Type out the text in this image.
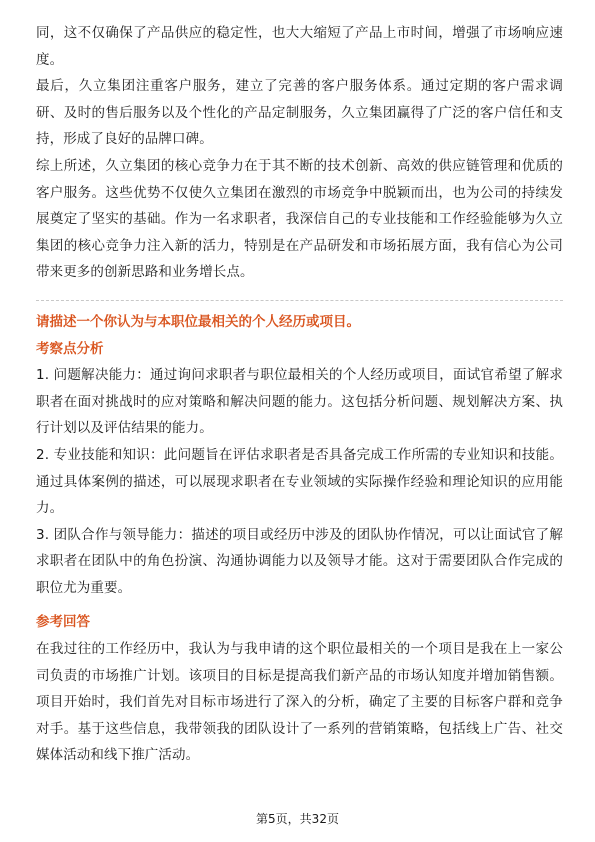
同，这不仅确保了产品供应的稳定性，也大大缩短了产品上市时间，增强了市场响应速度。

最后，久立集团注重客户服务，建立了完善的客户服务体系。通过定期的客户需求调研、及时的售后服务以及个性化的产品定制服务，久立集团赢得了广泛的客户信任和支持，形成了良好的品牌口碑。

综上所述，久立集团的核心竞争力在于其不断的技术创新、高效的供应链管理和优质的客户服务。这些优势不仅使久立集团在激烈的市场竞争中脱颖而出，也为公司的持续发展奠定了坚实的基础。作为一名求职者，我深信自己的专业技能和工作经验能够为久立集团的核心竞争力注入新的活力，特别是在产品研发和市场拓展方面，我有信心为公司带来更多的创新思路和业务增长点。

请描述一个你认为与本职位最相关的个人经历或项目。
考察点分析

1. 问题解决能力：通过询问求职者与职位最相关的个人经历或项目，面试官希望了解求职者在面对挑战时的应对策略和解决问题的能力。这包括分析问题、规划解决方案、执行计划以及评估结果的能力。

2. 专业技能和知识：此问题旨在评估求职者是否具备完成工作所需的专业知识和技能。通过具体案例的描述，可以展现求职者在专业领域的实际操作经验和理论知识的应用能力。

3. 团队合作与领导能力：描述的项目或经历中涉及的团队协作情况，可以让面试官了解求职者在团队中的角色扮演、沟通协调能力以及领导才能。这对于需要团队合作完成的职位尤为重要。

参考回答

在我过往的工作经历中，我认为与我申请的这个职位最相关的一个项目是我在上一家公司负责的市场推广计划。该项目的目标是提高我们新产品的市场认知度并增加销售额。项目开始时，我们首先对目标市场进行了深入的分析，确定了主要的目标客户群和竞争对手。基于这些信息，我带领我的团队设计了一系列的营销策略，包括线上广告、社交媒体活动和线下推广活动。

第5页，共32页
